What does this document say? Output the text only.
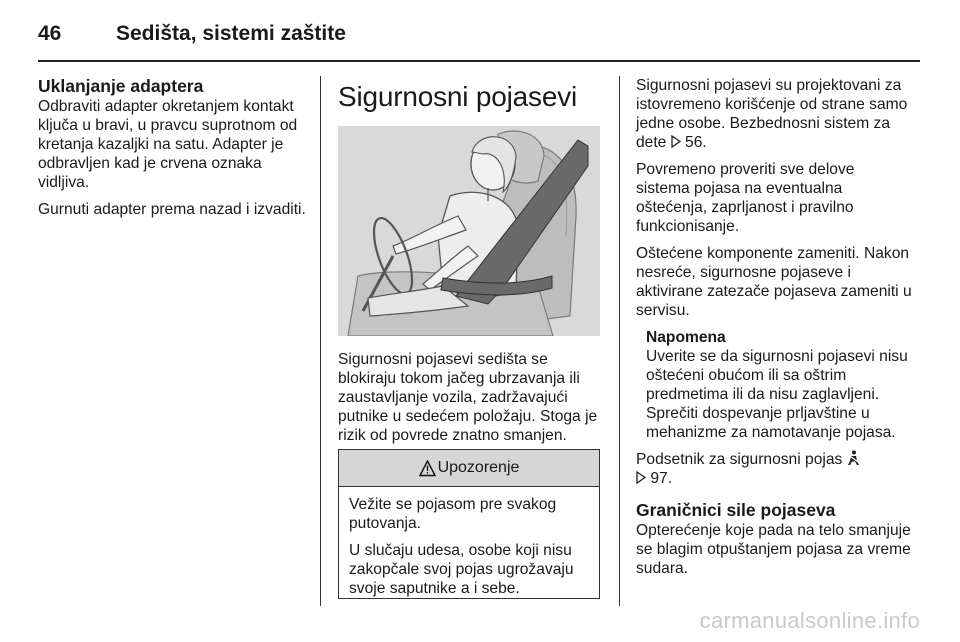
46	Sedišta, sistemi zaštite
Uklanjanje adaptera

Odbraviti adapter okretanjem kontakt ključa u bravi, u pravcu suprotnom od kretanja kazaljki na satu. Adapter je odbravljen kad je crvena oznaka vidljiva.

Gurnuti adapter prema nazad i izvaditi.

Sigurnosni pojasevi
Sigurnosni pojasevi sedišta se blokiraju tokom jačeg ubrzavanja ili zaustavljanje vozila, zadržavajući putnike u sedećem položaju. Stoga je rizik od povrede znatno smanjen.
Upozorenje

Vežite se pojasom pre svakog putovanja.

U slučaju udesa, osobe koji nisu zakopčale svoj pojas ugrožavaju svoje saputnike a i sebe.

Sigurnosni pojasevi su projektovani za istovremeno korišćenje od strane samo jedne osobe. Bezbednosni sistem za dete 56.

Povremeno proveriti sve delove sistema pojasa na eventualna oštećenja, zaprljanost i pravilno funkcionisanje.

Oštećene komponente zameniti. Nakon nesreće, sigurnosne pojaseve i aktivirane zatezače pojaseva zameniti u servisu.

Napomena
Uverite se da sigurnosni pojasevi nisu oštećeni obućom ili sa oštrim predmetima ili da nisu zaglavljeni. Sprečiti dospevanje prljavštine u mehanizme za namotavanje pojasa.

Podsetnik za sigurnosni pojas
97.

Graničnici sile pojaseva

Opterećenje koje pada na telo smanjuje se blagim otpuštanjem pojasa za vreme sudara.

carmanualsonline.info
